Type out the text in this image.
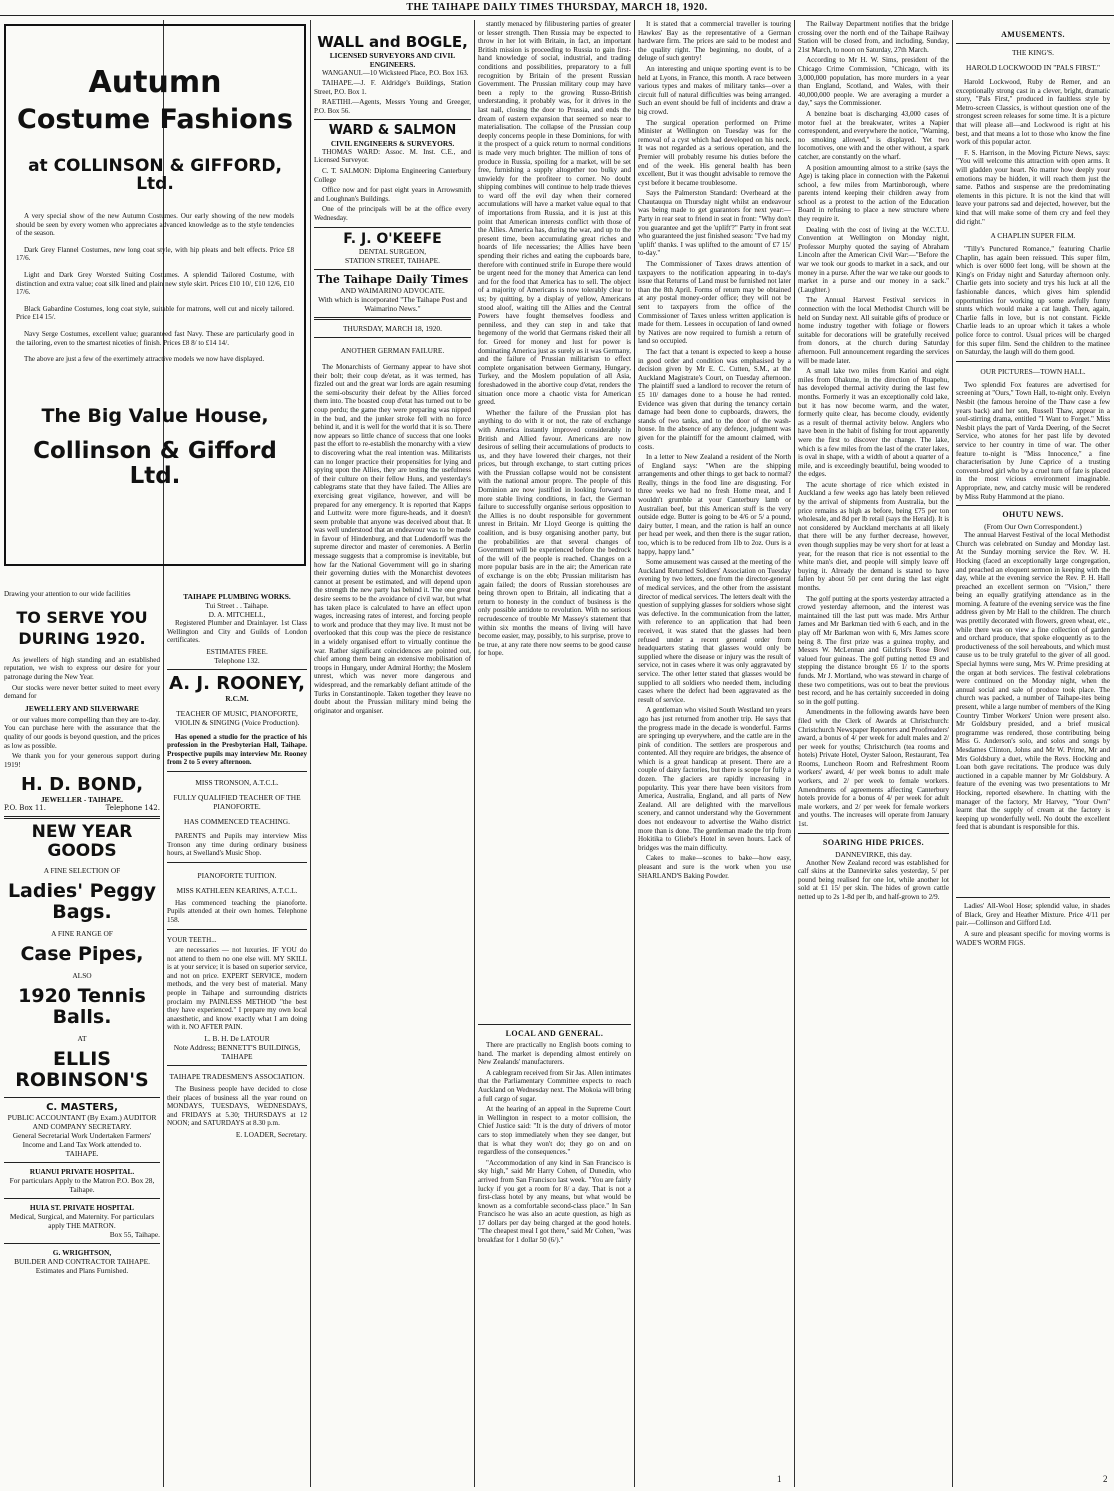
THE TAIHAPE DAILY TIMES THURSDAY, MARCH 18, 1920.
Autumn
Costume Fashions
at COLLINSON & GIFFORD, Ltd.

A very special show of the new Autumn Costumes. Our early showing of the new models should be seen by every women who appreciates advanced knowledge as to the style tendencies of the season.

Dark Grey Flannel Costumes, new long coat style, with hip pleats and belt effects. Price £8 17/6.

Light and Dark Grey Worsted Suiting Costumes. A splendid Tailored Costume, with distinction and extra value; coat silk lined and plain new style skirt. Prices £10 10/, £10 12/6, £10 17/6.

Black Gabardine Costumes, long coat style, suitable for matrons, well cut and nicely tailored. Price £14 15/.

Navy Serge Costumes, excellent value; guaranteed fast Navy. These are particularly good in the tailoring, even to the smartest niceties of finish. Prices £8 8/ to £14 14/.

The above are just a few of the exertimely attractive models we now have displayed.

The Big Value House,
Collinson & Gifford Ltd.

Drawing your attention to our wide facilities

TO SERVE YOU
DURING 1920.

As jewellers of high standing and an established reputation, we wish to express our desire for your patronage during the New Year.

Our stocks were never better suited to meet every demand for

JEWELLERY AND SILVERWARE

or our values more compelling than they are to-day. You can purchase here with the assurance that the quality of our goods is beyond question, and the prices as low as possible.

We thank you for your generous support during 1919!

H. D. BOND,

JEWELLER - TAIHAPE.

P.O. Box 11.	Telephone 142.
NEW YEAR GOODS

A FINE SELECTION OF

Ladies' Peggy Bags.

A FINE RANGE OF

Case Pipes,

ALSO

1920 Tennis Balls.

AT

ELLIS ROBINSON'S
C. MASTERS,

PUBLIC ACCOUNTANT (By Exam.) AUDITOR AND COMPANY SECRETARY.

General Secretarial Work Undertaken Farmers' Income and Land Tax Work attended to.

TAIHAPE.

RUANUI PRIVATE HOSPITAL.

For particulars Apply to the Matron P.O. Box 28, Taihape.

HUIA ST. PRIVATE HOSPITAL

Medical, Surgical, and Maternity. For particulars apply THE MATRON.

Box 55, Taihape.

G. WRIGHTSON,

BUILDER AND CONTRACTOR TAIHAPE.

Estimates and Plans Furnished.

WALL and BOGLE,

LICENSED SURVEYORS AND CIVIL ENGINEERS.

WANGANUI.—10 Wicksteed Place, P.O. Box 163.

TAIHAPE.—J. F. Aldridge's Buildings, Station Street, P.O. Box 1.

RAETIHI.—Agents, Messrs Young and Greeger, P.O. Box 56.

WARD & SALMON

CIVIL ENGINEERS & SURVEYORS.

THOMAS WARD: Assoc. M. Inst. C.E., and Licensed Surveyor.

C. T. SALMON: Diploma Engineering Canterbury College

Office now and for past eight years in Arrowsmith and Loughnan's Buildings.

One of the principals will be at the office every Wednesday.

F. J. O'KEEFE

DENTAL SURGEON,

STATION STREET, TAIHAPE.

The Taihape Daily Times

AND WAIMARINO ADVOCATE.

With which is incorporated "The Taihape Post and Waimarino News."

THURSDAY, MARCH 18, 1920.

ANOTHER GERMAN FAILURE.

The Monarchists of Germany appear to have shot their bolt; their coup de'etat, as it was termed, has fizzled out and the great war lords are again resuming the semi-obscurity their defeat by the Allies forced them into. The boasted coup d'etat has turned out to be coup perdu; the game they were preparing was nipped in the bud, and the junker stroke fell with no force behind it, and it is well for the world that it is so. There now appears so little chance of success that one looks past the effort to re-establish the monarchy with a view to discovering what the real intention was. Militarists can no longer practice their propensities for lying and spying upon the Allies, they are testing the usefulness of their culture on their fellow Huns, and yesterday's cablegrams state that they have failed. The Allies are exercising great vigilance, however, and will be prepared for any emergency. It is reported that Kapps and Luttwitz were more figure-heads, and it doesn't seem probable that anyone was deceived about that. It was well understood that an endeavour was to be made in favour of Hindenburg, and that Ludendorff was the supreme director and master of ceremonies. A Berlin message suggests that a compromise is inevitable, but how far the National Government will go in sharing their governing duties with the Monarchist devotees cannot at present be estimated, and will depend upon the strength the new party has behind it. The one great desire seems to be the avoidance of civil war, but what has taken place is calculated to have an effect upon wages, increasing rates of interest, and forcing people to work and produce that they may live. It must not be overlooked that this coup was the piece de resistance in a widely organised effort to virtually continue the war. Rather significant coincidences are pointed out, chief among them being an extensive mobilisation of troops in Hungary, under Admiral Horthy; the Moslem unrest, which was never more dangerous and widespread, and the remarkably defiant attitude of the Turks in Constantinople. Taken together they leave no doubt about the Prussian military mind being the originator and organiser.

TAIHAPE PLUMBING WORKS.

Tui Street . . Taihape.

D. A. MITCHELL,

Registered Plumber and Drainlayer. 1st Class Wellington and City and Guilds of London certificates.

ESTIMATES FREE.

Telephone 132.

A. J. ROONEY,

R.C.M.

TEACHER OF MUSIC, PIANOFORTE, VIOLIN & SINGING (Voice Production).

Has opened a studio for the practice of his profession in the Presbyterian Hall, Taihape. Prospective pupils may interview Mr. Rooney from 2 to 5 every afternoon.

MISS TRONSON, A.T.C.L.

FULLY QUALIFIED TEACHER OF THE PIANOFORTE.

HAS COMMENCED TEACHING.

PARENTS and Pupils may interview Miss Tronson any time during ordinary business hours, at Swelland's Music Shop.

PIANOFORTE TUITION.

MISS KATHLEEN KEARINS, A.T.C.L.

Has commenced teaching the pianoforte. Pupils attended at their own homes. Telephone 158.

YOUR TEETH...

are necessaries — not luxuries. IF YOU do not attend to them no one else will. MY SKILL is at your service; it is based on superior service, and not on price. EXPERT SERVICE, modern methods, and the very best of material. Many people in Taihape and surrounding districts proclaim my PAINLESS METHOD "the best they have experienced." I prepare my own local anaesthetic, and know exactly what I am doing with it. NO AFTER PAIN.

L. B. H. De LATOUR

Note Address; BENNETT'S BUILDINGS, TAIHAPE

TAIHAPE TRADESMEN'S ASSOCIATION.

The Business people have decided to close their places of business all the year round on MONDAYS, TUESDAYS, WEDNESDAYS, and FRIDAYS at 5.30; THURSDAYS at 12 NOON; and SATURDAYS at 8.30 p.m.

E. LOADER, Secretary.

stantly menaced by filibustering parties of greater or lesser strength. Then Russia may be expected to throw in her lot with Britain, in fact, an important British mission is proceeding to Russia to gain first-hand knowledge of social, industrial, and trading conditions and possibilities, preparatory to a full recognition by Britain of the present Russian Government. The Prussian military coup may have been a reply to the growing Russo-British understanding, it probably was, for it drives in the last nail, closing the door to Prussia, and ends the dream of eastern expansion that seemed so near to materialisation. The collapse of the Prussian coup deeply concerns people in these Dominions, for with it the prospect of a quick return to normal conditions is made very much brighter. The million of tons of produce in Russia, spoiling for a market, will be set free, furnishing a supply altogether too bulky and unwieldy for the profiteer to corner. No doubt shipping combines will continue to help trade thieves to ward off the evil day when their cornered accumulations will have a market value equal to that of importations from Russia, and it is just at this point that American interests conflict with those of the Allies. America has, during the war, and up to the present time, been accumulating great riches and hoards of life necessaries; the Allies have been spending their riches and eating the cupboards bare, therefore with continued strife in Europe there would be urgent need for the money that America can lend and for the food that America has to sell. The object of a majority of Americans is now tolerably clear to us; by quitting, by a display of yellow, Americans stood aloof, waiting till the Allies and the Central Powers have fought themselves foodless and penniless, and they can step in and take that hegemony of the world that Germans risked their all for. Greed for money and lust for power is dominating America just as surely as it was Germany, and the failure of Prussian militarism to effect complete organisation between Germany, Hungary, Turkey, and the Moslem population of all Asia, foreshadowed in the abortive coup d'etat, renders the situation once more a chaotic vista for American greed.

Whether the failure of the Prussian plot has anything to do with it or not, the rate of exchange with America instantly improved considerably in British and Allied favour. Americans are now desirous of selling their accumulations of products to us, and they have lowered their charges, not their prices, but through exchange, to start cutting prices with the Prussian collapse would not be consistent with the national amour propre. The people of this Dominion are now justified in looking forward to more stable living conditions, in fact, the German failure to successfully organise serious opposition to the Allies is no doubt responsible for government unrest in Britain. Mr Lloyd George is quitting the coalition, and is busy organising another party, but the probabilities are that several changes of Government will be experienced before the bedrock of the will of the people is reached. Changes on a more popular basis are in the air; the American rate of exchange is on the ebb; Prussian militarism has again failed; the doors of Russian storehouses are being thrown open to Britain, all indicating that a return to honesty in the conduct of business is the only possible antidote to revolution. With no serious recrudescence of trouble Mr Massey's statement that within six months the means of living will have become easier, may, possibly, to his surprise, prove to be true, at any rate there now seems to be good cause for hope.

LOCAL AND GENERAL.

There are practically no English boots coming to hand. The market is depending almost entirely on New Zealands' manufacturers.

A cablegram received from Sir Jas. Allen intimates that the Parliamentary Committee expects to reach Auckland on Wednesday next. The Mokoia will bring a full cargo of sugar.

At the hearing of an appeal in the Supreme Court in Wellington in respect to a motor collision, the Chief Justice said: "It is the duty of drivers of motor cars to stop immediately when they see danger, but that is what they won't do; they go on and on regardless of the consequences."

"Accommodation of any kind in San Francisco is sky high," said Mr Harry Cohen, of Dunedin, who arrived from San Francisco last week. "You are fairly lucky if you get a room for 8/ a day. That is not a first-class hotel by any means, but what would be known as a comfortable second-class place." In San Francisco he was also an acute question, as high as 17 dollars per day being charged at the good hotels. "The cheapest meal I got there," said Mr Cohen, "was breakfast for 1 dollar 50 (6/)."

It is stated that a commercial traveller is touring Hawkes' Bay as the representative of a German hardware firm. The prices are said to be modest and the quality right. The beginning, no doubt, of a deluge of such gentry!

An interesting and unique sporting event is to be held at Lyons, in France, this month. A race between various types and makes of military tanks—over a circuit full of natural difficulties was being arranged. Such an event should be full of incidents and draw a big crowd.

The surgical operation performed on Prime Minister at Wellington on Tuesday was for the removal of a cyst which had developed on his neck. It was not regarded as a serious operation, and the Premier will probably resume his duties before the end of the week. His general health has been excellent, But it was thought advisable to remove the cyst before it became troublesome.

Says the Palmerston Standard: Overheard at the Chautauqua on Thursday night whilst an endeavour was being made to get guarantors for next year:—Party in rear seat to friend in seat in front: "Why don't you guarantee and get the 'uplift'?" Party in front seat who guaranteed the just finished season: "I've had my 'uplift' thanks. I was uplifted to the amount of £7 15/ to-day."

The Commissioner of Taxes draws attention of taxpayers to the notification appearing in to-day's issue that Returns of Land must be furnished not later than the 8th April. Forms of return may be obtained at any postal money-order office; they will not be sent to taxpayers from the office of the Commissioner of Taxes unless written application is made for them. Lessees in occupation of land owned by Natives are now required to furnish a return of land so occupied.

The fact that a tenant is expected to keep a house in good order and condition was emphasised by a decision given by Mr E. C. Cutten, S.M., at the Auckland Magistrate's Court, on Tuesday afternoon. The plaintiff sued a landlord to recover the return of £5 10/ damages done to a house he had rented. Evidence was given that during the tenancy certain damage had been done to cupboards, drawers, the stands of two tanks, and to the door of the wash-house. In the absence of any defence, judgment was given for the plaintiff for the amount claimed, with costs.

In a letter to New Zealand a resident of the North of England says: "When are the shipping arrangements and other things to get back to normal? Really, things in the food line are disgusting. For three weeks we had no fresh Home meat, and I wouldn't grumble at your Canterbury lamb or Australian beef, but this American stuff is the very outside edge. Butter is going to be 4/6 or 5/ a pound, dairy butter, I mean, and the ration is half an ounce per head per week, and then there is the sugar ration, too, which is to be reduced from 1lb to 2oz. Ours is a happy, happy land."

Some amusement was caused at the meeting of the Auckland Returned Soldiers' Association on Tuesday evening by two letters, one from the director-general of medical services, and the other from the assistant director of medical services. The letters dealt with the question of supplying glasses for soldiers whose sight was defective. In the communication from the latter, with reference to an application that had been received, it was stated that the glasses had been refused under a recent general order from headquarters stating that glasses would only be supplied where the disease or injury was the result of service, not in cases where it was only aggravated by service. The other letter stated that glasses would be supplied to all soldiers who needed them, including cases where the defect had been aggravated as the result of service.

A gentleman who visited South Westland ten years ago has just returned from another trip. He says that the progress made in the decade is wonderful. Farms are springing up everywhere, and the cattle are in the pink of condition. The settlers are prosperous and contented. All they require are bridges, the absence of which is a great handicap at present. There are a couple of dairy factories, but there is scope for fully a dozen. The glaciers are rapidly increasing in popularity. This year there have been visitors from America, Australia, England, and all parts of New Zealand. All are delighted with the marvellous scenery, and cannot understand why the Government does not endeavour to advertise the Waiho district more than is done. The gentleman made the trip from Hokitika to Gliebe's Hotel in seven hours. Lack of bridges was the main difficulty.

Cakes to make—scones to bake—how easy, pleasant and sure is the work when you use SHARLAND'S Baking Powder.

The Railway Department notifies that the bridge crossing over the north end of the Taihape Railway Station will be closed from, and including, Sunday, 21st March, to noon on Saturday, 27th March.

According to Mr H. W. Sims, president of the Chicago Crime Commission, "Chicago, with its 3,000,000 population, has more murders in a year than England, Scotland, and Wales, with their 40,000,000 people. We are averaging a murder a day," says the Commissioner.

A benzine boat is discharging 43,000 cases of motor fuel at the breakwater, writes a Napier correspondent, and everywhere the notice, "Warning, no smoking allowed," is displayed. Yet two locomotives, one with and the other without, a spark catcher, are constantly on the wharf.

A position amounting almost to a strike (says the Age) is taking place in connection with the Pakenui school, a few miles from Martinborough, where parents intend keeping their children away from school as a protest to the action of the Education Board in refusing to place a new structure where they require it.

Dealing with the cost of living at the W.C.T.U. Convention at Wellington on Monday night, Professor Murphy quoted the saying of Abraham Lincoln after the American Civil War:—"Before the war we took our goods to market in a sack, and our money in a purse. After the war we take our goods to market in a purse and our money in a sack." (Laughter.)

The Annual Harvest Festival services in connection with the local Methodist Church will be held on Sunday next. All suitable gifts of produce or home industry together with foliage or flowers suitable for decorations will be gratefully received from donors, at the church during Saturday afternoon. Full announcement regarding the services will be made later.

A small lake two miles from Karioi and eight miles from Ohakune, in the direction of Ruapehu, has developed thermal activity during the last few months. Formerly it was an exceptionally cold lake, but it has now become warm, and the water, formerly quite clear, has become cloudy, evidently as a result of thermal activity below. Anglers who have been in the habit of fishing for trout apparently were the first to discover the change. The lake, which is a few miles from the last of the crater lakes, is oval in shape, with a width of about a quarter of a mile, and is exceedingly beautiful, being wooded to the edges.

The acute shortage of rice which existed in Auckland a few weeks ago has lately been relieved by the arrival of shipments from Australia, but the price remains as high as before, being £75 per ton wholesale, and 8d per lb retail (says the Herald). It is not considered by Auckland merchants at all likely that there will be any further decrease, however, even though supplies may be very short for at least a year, for the reason that rice is not essential to the white man's diet, and people will simply leave off buying it. Already the demand is stated to have fallen by about 50 per cent during the last eight months.

The golf putting at the sports yesterday attracted a crowd yesterday afternoon, and the interest was maintained till the last putt was made. Mrs Arthur James and Mr Barkman tied with 6 each, and in the play off Mr Barkman won with 6, Mrs James score being 8. The first prize was a guinea trophy, and Messrs W. McLennan and Gilchrist's Rose Bowl valued four guineas. The golf putting netted £9 and stepping the distance brought £6 1/ to the sports funds. Mr J. Mortland, who was steward in charge of these two competitions, was out to beat the previous best record, and he has certainly succeeded in doing so in the golf putting.

Amendments in the following awards have been filed with the Clerk of Awards at Christchurch: Christchurch Newspaper Reporters and Proofreaders' award, a bonus of 4/ per week for adult males and 2/ per week for youths; Christchurch (tea rooms and hotels) Private Hotel, Oyster Saloon, Restaurant, Tea Rooms, Luncheon Room and Refreshment Room workers' award, 4/ per week bonus to adult male workers, and 2/ per week to female workers. Amendments of agreements affecting Canterbury hotels provide for a bonus of 4/ per week for adult male workers, and 2/ per week for female workers and youths. The increases will operate from January 1st.

SOARING HIDE PRICES.

DANNEVIRKE, this day.

Another New Zealand record was established for calf skins at the Dannevirke sales yesterday, 5/ per pound being realised for one lot, while another lot sold at £1 15/ per skin. The hides of grown cattle netted up to 2s 1-8d per lb, and half-grown to 2/9.

AMUSEMENTS.

THE KING'S.

HAROLD LOCKWOOD IN "PALS FIRST."

Harold Lockwood, Ruby de Remer, and an exceptionally strong cast in a clever, bright, dramatic story, "Pals First," produced in faultless style by Metro-screen Classics, is without question one of the strongest screen releases for some time. It is a picture that will please all—and Lockwood is right at his best, and that means a lot to those who know the fine work of this popular actor.

F. S. Harrison, in the Moving Picture News, says: "You will welcome this attraction with open arms. It will gladden your heart. No matter how deeply your emotions may be hidden, it will reach them just the same. Pathos and suspense are the predominating elements in this picture. It is not the kind that will leave your patrons sad and dejected, however, but the kind that will make some of them cry and feel they did right."

A CHAPLIN SUPER FILM.

"Tilly's Punctured Romance," featuring Charlie Chaplin, has again been reissued. This super film, which is over 6000 feet long, will be shown at the King's on Friday night and Saturday afternoon only. Charlie gets into society and trys his luck at all the fashionable dances, which gives him splendid opportunities for working up some awfully funny stunts which would make a cat laugh. Then, again, Charlie falls in love, but is not constant. Fickle Charlie leads to an uproar which it takes a whole police force to control. Usual prices will be charged for this super film. Send the children to the matinee on Saturday, the laugh will do them good.

OUR PICTURES—TOWN HALL.

Two splendid Fox features are advertised for screening at "Ours," Town Hall, to-night only. Evelyn Nesbit (the famous heroine of the Thaw case a few years back) and her son, Russell Thaw, appear in a soul-stirring drama, entitled "I Want to Forget." Miss Nesbit plays the part of Varda Deering, of the Secret Service, who atones for her past life by devoted service to her country in time of war. The other feature to-night is "Miss Innocence," a fine characterisation by June Caprice of a trusting convent-bred girl who by a cruel turn of fate is placed in the most vicious environment imaginable. Appropriate, new, and catchy music will be rendered by Miss Ruby Hammond at the piano.

OHUTU NEWS.

(From Our Own Correspondent.)

The annual Harvest Festival of the local Methodist Church was celebrated on Sunday and Monday last. At the Sunday morning service the Rev. W. H. Hocking (faced an exceptionally large congregation, and preached an eloquent sermon in keeping with the day, while at the evening service the Rev. P. H. Hall preached an excellent sermon on "Vision," there being an equally gratifying attendance as in the morning. A feature of the evening service was the fine address given by Mr Hall to the children. The church was prettily decorated with flowers, green wheat, etc., while there was on view a fine collection of garden and orchard produce, that spoke eloquently as to the productiveness of the soil hereabouts, and which must cause us to be truly grateful to the giver of all good. Special hymns were sung, Mrs W. Prime presiding at the organ at both services. The festival celebrations were continued on the Monday night, when the annual social and sale of produce took place. The church was packed, a number of Taihape-ites being present, while a large number of members of the King Country Timber Workers' Union were present also. Mr Goldsbury presided, and a brief musical programme was rendered, those contributing being Miss G. Anderson's solo, and solos and songs by Mesdames Clinton, Johns and Mr W. Prime, Mr and Mrs Goldsbury a duet, while the Revs. Hocking and Loan both gave recitations. The produce was duly auctioned in a capable manner by Mr Goldsbury. A feature of the evening was two presentations to Mr Hocking, reported elsewhere. In chatting with the manager of the factory, Mr Harvey, "Your Own" learnt that the supply of cream at the factory is keeping up wonderfully well. No doubt the excellent feed that is abundant is responsible for this.

Ladies' All-Wool Hose; splendid value, in shades of Black, Grey and Heather Mixture. Price 4/11 per pair.—Collinson and Gifford Ltd.

A sure and pleasant specific for moving worms is WADE'S WORM FIGS.

1	2
